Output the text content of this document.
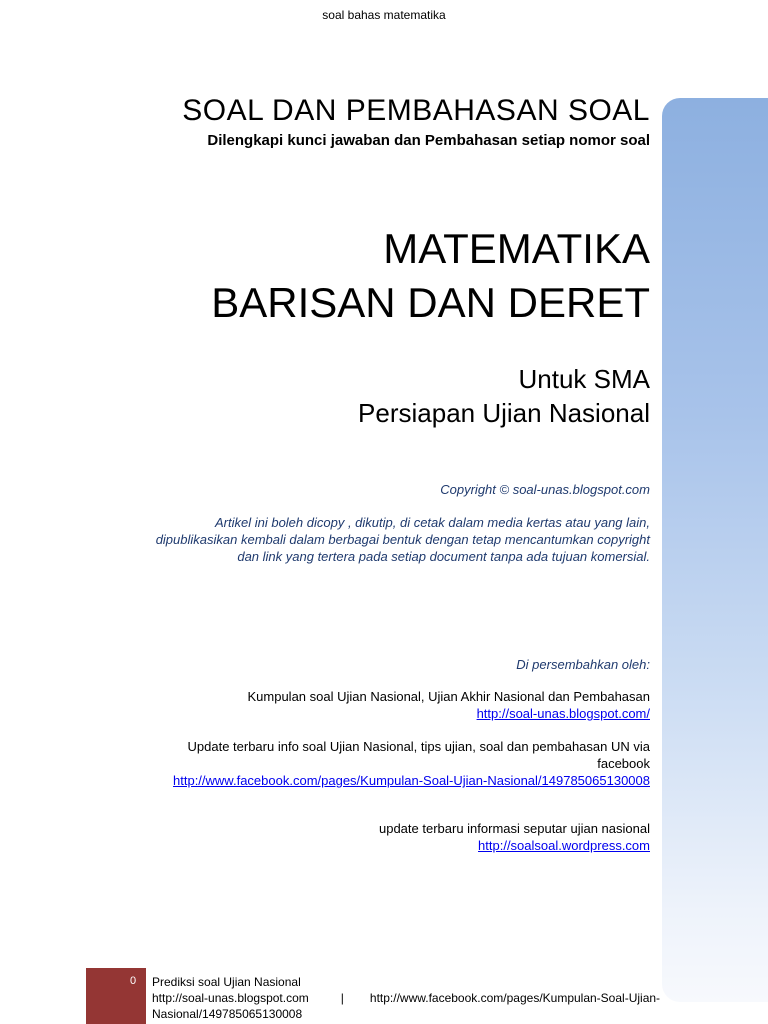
soal bahas matematika
SOAL DAN PEMBAHASAN SOAL
Dilengkapi kunci jawaban dan Pembahasan setiap nomor soal
MATEMATIKA
BARISAN DAN DERET
Untuk SMA
Persiapan Ujian Nasional
Copyright © soal-unas.blogspot.com
Artikel ini boleh dicopy , dikutip, di cetak dalam media kertas atau yang lain,
dipublikasikan kembali dalam berbagai bentuk dengan tetap mencantumkan copyright
dan link yang tertera pada setiap document tanpa ada tujuan komersial.
Di persembahkan oleh:
Kumpulan soal Ujian Nasional, Ujian Akhir Nasional dan Pembahasan
http://soal-unas.blogspot.com/
Update terbaru info soal Ujian Nasional, tips ujian, soal dan pembahasan UN via
facebook
http://www.facebook.com/pages/Kumpulan-Soal-Ujian-Nasional/149785065130008
update terbaru informasi seputar ujian nasional
http://soalsoal.wordpress.com
0 Prediksi soal Ujian Nasional
http://soal-unas.blogspot.com	| http://www.facebook.com/pages/Kumpulan-Soal-Ujian-
Nasional/149785065130008
